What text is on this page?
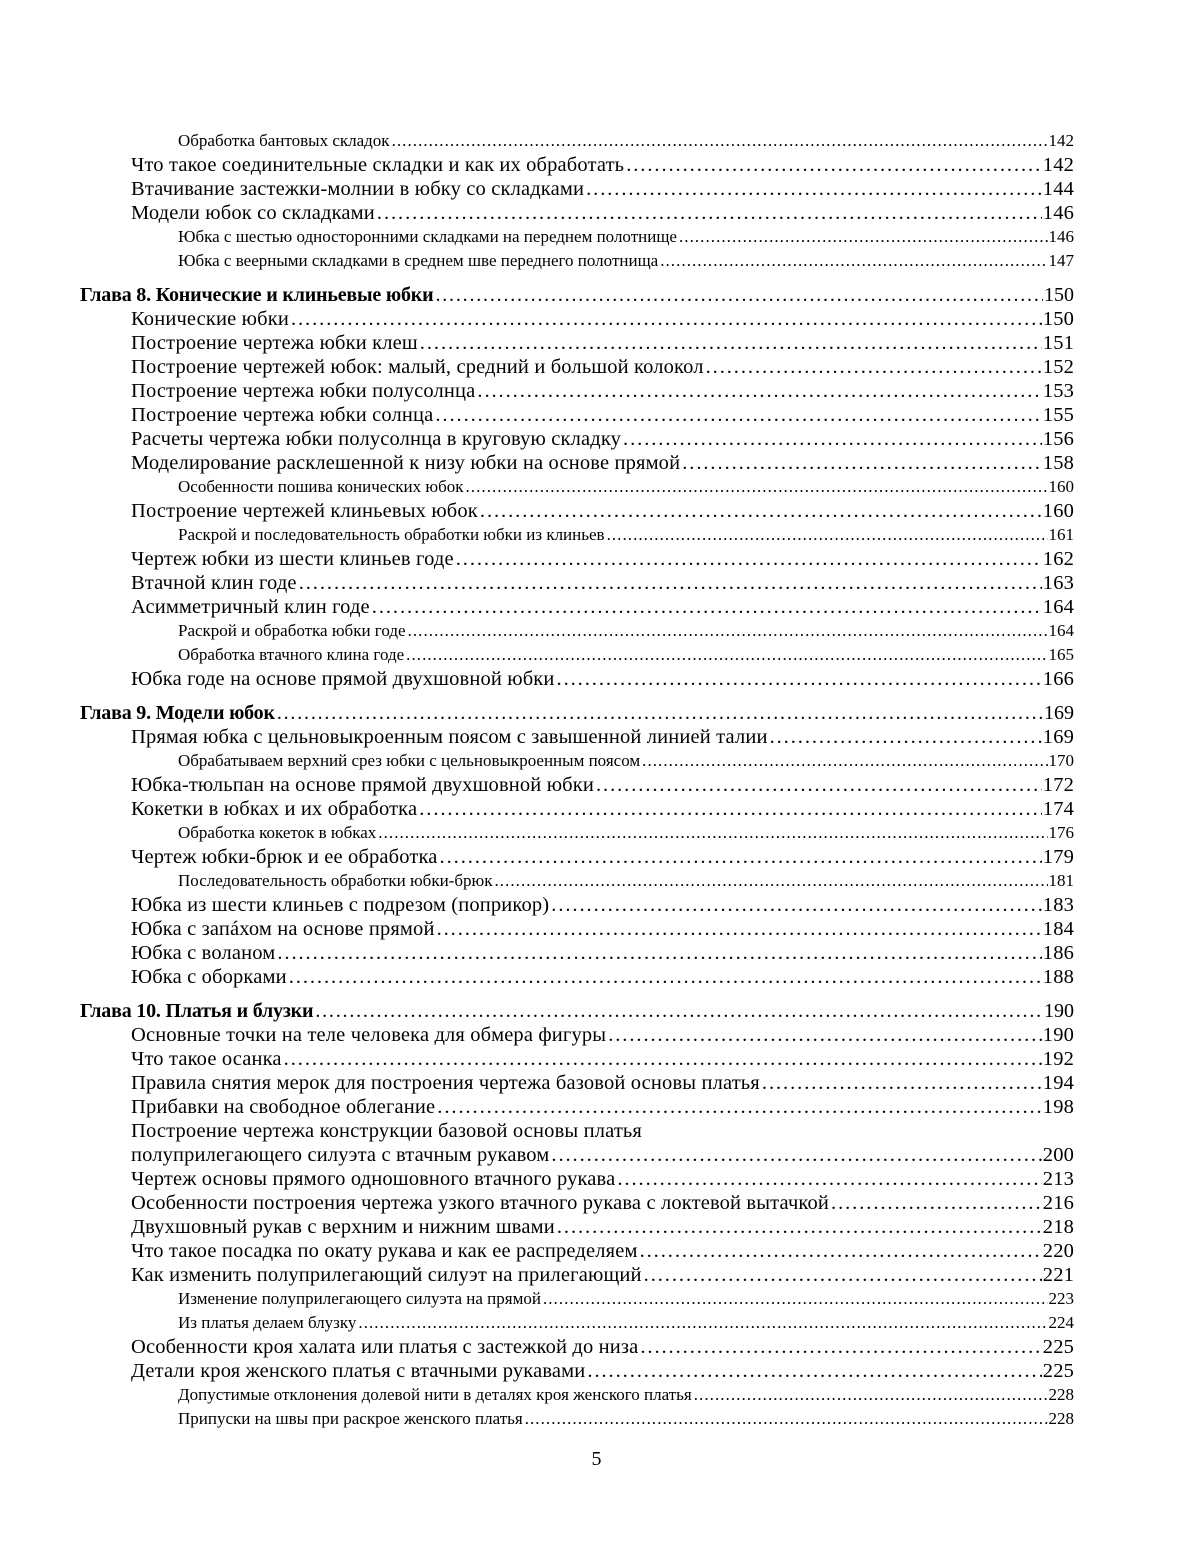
Обработка бантовых складок . . .	142
Что такое соединительные складки и как их обработать . . .	142
Втачивание застежки-молнии в юбку со складками . . .	144
Модели юбок со складками . . .	146
Юбка с шестью односторонними складками на переднем полотнище . . .	146
Юбка с веерными складками в среднем шве переднего полотнища . . .	147
Глава 8. Конические и клиньевые юбки . . .	150
Конические юбки . . .	150
Построение чертежа юбки клеш . . .	151
Построение чертежей юбок: малый, средний и большой колокол . . .	152
Построение чертежа юбки полусолнца . . .	153
Построение чертежа юбки солнца . . .	155
Расчеты чертежа юбки полусолнца в круговую складку . . .	156
Моделирование расклешенной к низу юбки на основе прямой . . .	158
Особенности пошива конических юбок . . .	160
Построение чертежей клиньевых юбок . . .	160
Раскрой и последовательность обработки юбки из клиньев . . .	161
Чертеж юбки из шести клиньев годе . . .	162
Втачной клин годе . . .	163
Асимметричный клин годе . . .	164
Раскрой и обработка юбки годе . . .	164
Обработка втачного клина годе . . .	165
Юбка годе на основе прямой двухшовной юбки . . .	166
Глава 9. Модели юбок . . .	169
Прямая юбка с цельновыкроенным поясом с завышенной линией талии . . .	169
Обрабатываем верхний срез юбки с цельновыкроенным поясом . . .	170
Юбка-тюльпан на основе прямой двухшовной юбки . . .	172
Кокетки в юбках и их обработка . . .	174
Обработка кокеток в юбках . . .	176
Чертеж юбки-брюк и ее обработка . . .	179
Последовательность обработки юбки-брюк . . .	181
Юбка из шести клиньев с подрезом (поприкор) . . .	183
Юбка с запáхом на основе прямой . . .	184
Юбка с воланом . . .	186
Юбка с оборками . . .	188
Глава 10. Платья и блузки . . .	190
Основные точки на теле человека для обмера фигуры . . .	190
Что такое осанка . . .	192
Правила снятия мерок для построения чертежа базовой основы платья . . .	194
Прибавки на свободное облегание . . .	198
Построение чертежа конструкции базовой основы платья
полуприлегающего силуэта с втачным рукавом . . .	200
Чертеж основы прямого одношовного втачного рукава . . .	213
Особенности построения чертежа узкого втачного рукава с локтевой вытачкой . . .	216
Двухшовный рукав с верхним и нижним швами . . .	218
Что такое посадка по окату рукава и как ее распределяем . . .	220
Как изменить полуприлегающий силуэт на прилегающий . . .	221
Изменение полуприлегающего силуэта на прямой . . .	223
Из платья делаем блузку . . .	224
Особенности кроя халата или платья с застежкой до низа . . .	225
Детали кроя женского платья с втачными рукавами . . .	225
Допустимые отклонения долевой нити в деталях кроя женского платья . . .	228
Припуски на швы при раскрое женского платья . . .	228
5
